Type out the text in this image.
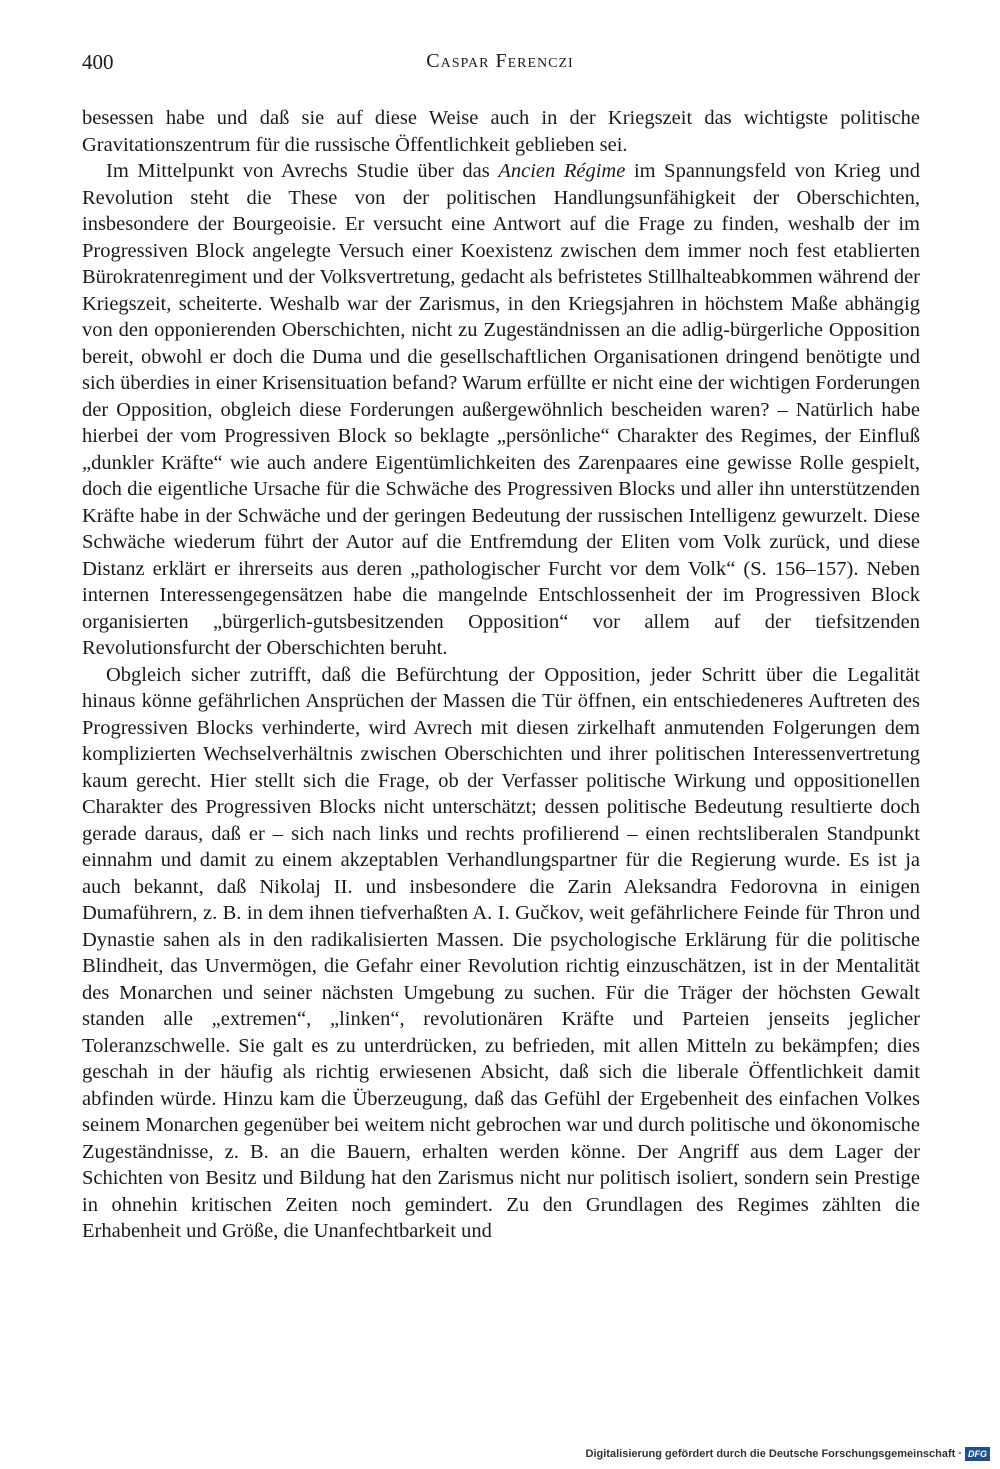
400	Caspar Ferenczi

besessen habe und daß sie auf diese Weise auch in der Kriegszeit das wichtigste politische Gravitationszentrum für die russische Öffentlichkeit geblieben sei.

Im Mittelpunkt von Avrechs Studie über das Ancien Régime im Spannungsfeld von Krieg und Revolution steht die These von der politischen Handlungsunfähigkeit der Oberschichten, insbesondere der Bourgeoisie. Er versucht eine Antwort auf die Frage zu finden, weshalb der im Progressiven Block angelegte Versuch einer Koexistenz zwischen dem immer noch fest etablierten Bürokratenregiment und der Volksvertretung, gedacht als befristetes Stillhalteabkommen während der Kriegszeit, scheiterte. Weshalb war der Zarismus, in den Kriegsjahren in höchstem Maße abhängig von den opponierenden Oberschichten, nicht zu Zugeständnissen an die adlig-bürgerliche Opposition bereit, obwohl er doch die Duma und die gesellschaftlichen Organisationen dringend benötigte und sich überdies in einer Krisensituation befand? Warum erfüllte er nicht eine der wichtigen Forderungen der Opposition, obgleich diese Forderungen außergewöhnlich bescheiden waren? – Natürlich habe hierbei der vom Progressiven Block so beklagte „persönliche“ Charakter des Regimes, der Einfluß „dunkler Kräfte“ wie auch andere Eigentümlichkeiten des Zarenpaares eine gewisse Rolle gespielt, doch die eigentliche Ursache für die Schwäche des Progressiven Blocks und aller ihn unterstützenden Kräfte habe in der Schwäche und der geringen Bedeutung der russischen Intelligenz gewurzelt. Diese Schwäche wiederum führt der Autor auf die Entfremdung der Eliten vom Volk zurück, und diese Distanz erklärt er ihrerseits aus deren „pathologischer Furcht vor dem Volk“ (S. 156–157). Neben internen Interessengegensätzen habe die mangelnde Entschlossenheit der im Progressiven Block organisierten „bürgerlich-gutsbesitzenden Opposition“ vor allem auf der tiefsitzenden Revolutionsfurcht der Oberschichten beruht.

Obgleich sicher zutrifft, daß die Befürchtung der Opposition, jeder Schritt über die Legalität hinaus könne gefährlichen Ansprüchen der Massen die Tür öffnen, ein entschiedeneres Auftreten des Progressiven Blocks verhinderte, wird Avrech mit diesen zirkelhaft anmutenden Folgerungen dem komplizierten Wechselverhältnis zwischen Oberschichten und ihrer politischen Interessenvertretung kaum gerecht. Hier stellt sich die Frage, ob der Verfasser politische Wirkung und oppositionellen Charakter des Progressiven Blocks nicht unterschätzt; dessen politische Bedeutung resultierte doch gerade daraus, daß er – sich nach links und rechts profilierend – einen rechtsliberalen Standpunkt einnahm und damit zu einem akzeptablen Verhandlungspartner für die Regierung wurde. Es ist ja auch bekannt, daß Nikolaj II. und insbesondere die Zarin Aleksandra Fedorovna in einigen Dumaführern, z. B. in dem ihnen tiefverhaßten A. I. Gučkov, weit gefährlichere Feinde für Thron und Dynastie sahen als in den radikalisierten Massen. Die psychologische Erklärung für die politische Blindheit, das Unvermögen, die Gefahr einer Revolution richtig einzuschätzen, ist in der Mentalität des Monarchen und seiner nächsten Umgebung zu suchen. Für die Träger der höchsten Gewalt standen alle „extremen“, „linken“, revolutionären Kräfte und Parteien jenseits jeglicher Toleranzschwelle. Sie galt es zu unterdrücken, zu befrieden, mit allen Mitteln zu bekämpfen; dies geschah in der häufig als richtig erwiesenen Absicht, daß sich die liberale Öffentlichkeit damit abfinden würde. Hinzu kam die Überzeugung, daß das Gefühl der Ergebenheit des einfachen Volkes seinem Monarchen gegenüber bei weitem nicht gebrochen war und durch politische und ökonomische Zugeständnisse, z. B. an die Bauern, erhalten werden könne. Der Angriff aus dem Lager der Schichten von Besitz und Bildung hat den Zarismus nicht nur politisch isoliert, sondern sein Prestige in ohnehin kritischen Zeiten noch gemindert. Zu den Grundlagen des Regimes zählten die Erhabenheit und Größe, die Unanfechtbarkeit und

Digitalisierung gefördert durch die Deutsche Forschungsgemeinschaft · DFG
